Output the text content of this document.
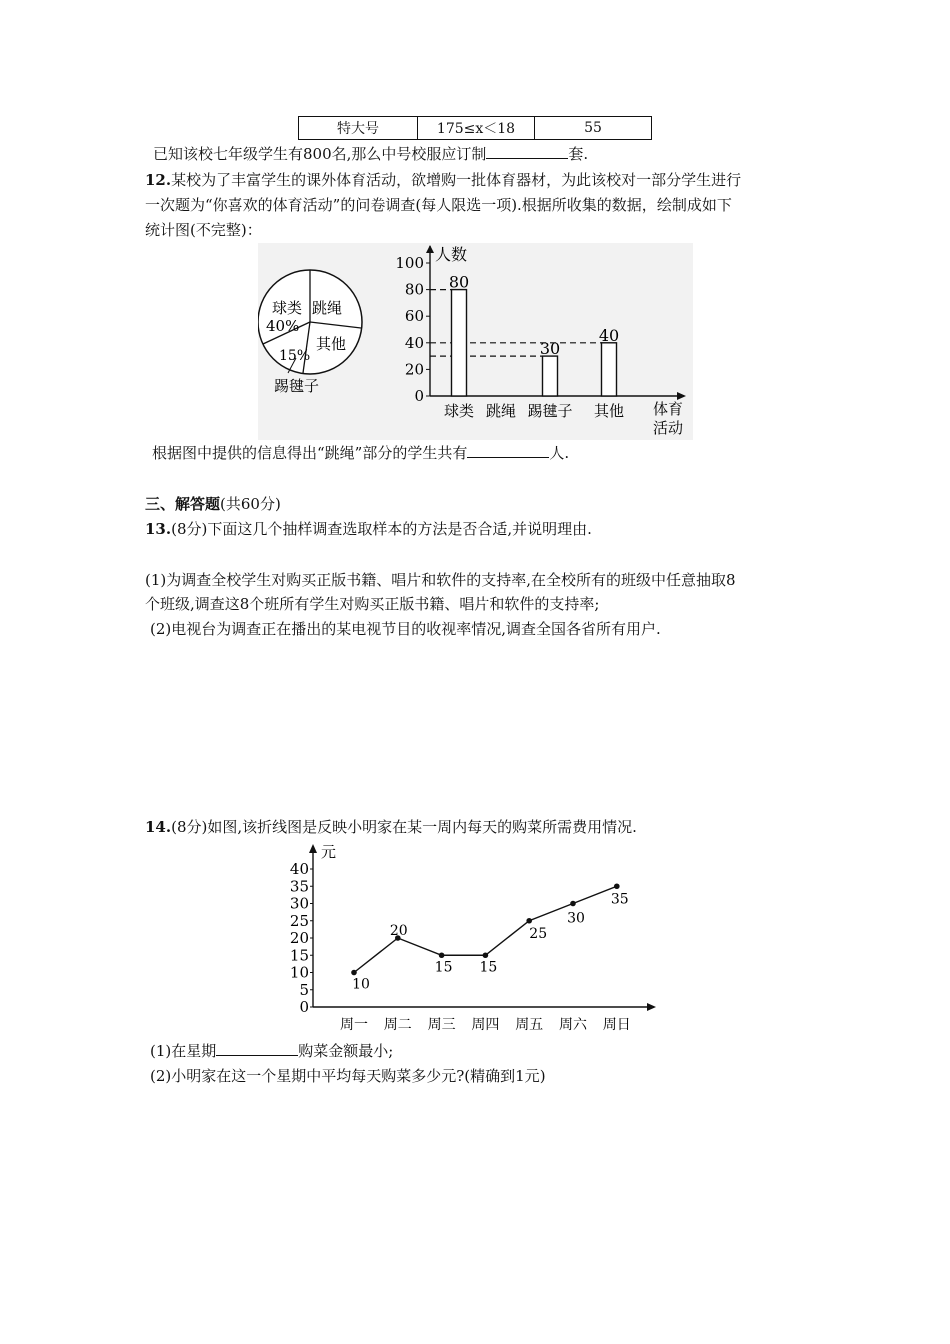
特大号	175≤x＜18	55
已知该校七年级学生有800名,那么中号校服应订制	套.
12.某校为了丰富学生的课外体育活动，欲增购一批体育器材，为此该校对一部分学生进行
一次题为“你喜欢的体育活动”的问卷调查(每人限选一项).根据所收集的数据，绘制成如下
统计图(不完整)：
球类
40%
跳绳
其他
15%
踢毽子
人数
0
20
40
60
80
100
80
球类 跳绳
30
踢毽子
40
其他 体育
活动
根据图中提供的信息得出“跳绳”部分的学生共有	人.
三、解答题(共60分)
13.(8分)下面这几个抽样调查选取样本的方法是否合适,并说明理由.
(1)为调查全校学生对购买正版书籍、唱片和软件的支持率,在全校所有的班级中任意抽取8
个班级,调查这8个班所有学生对购买正版书籍、唱片和软件的支持率;
(2)电视台为调查正在播出的某电视节目的收视率情况,调查全国各省所有用户.
14.(8分)如图,该折线图是反映小明家在某一周内每天的购菜所需费用情况.
元
0
5
10
15
20
25
30
35
40
10
20
15 15
25
30
35
周一 周二 周三 周四 周五 周六 周日
(1)在星期	购菜金额最小;
(2)小明家在这一个星期中平均每天购菜多少元?(精确到1元)
